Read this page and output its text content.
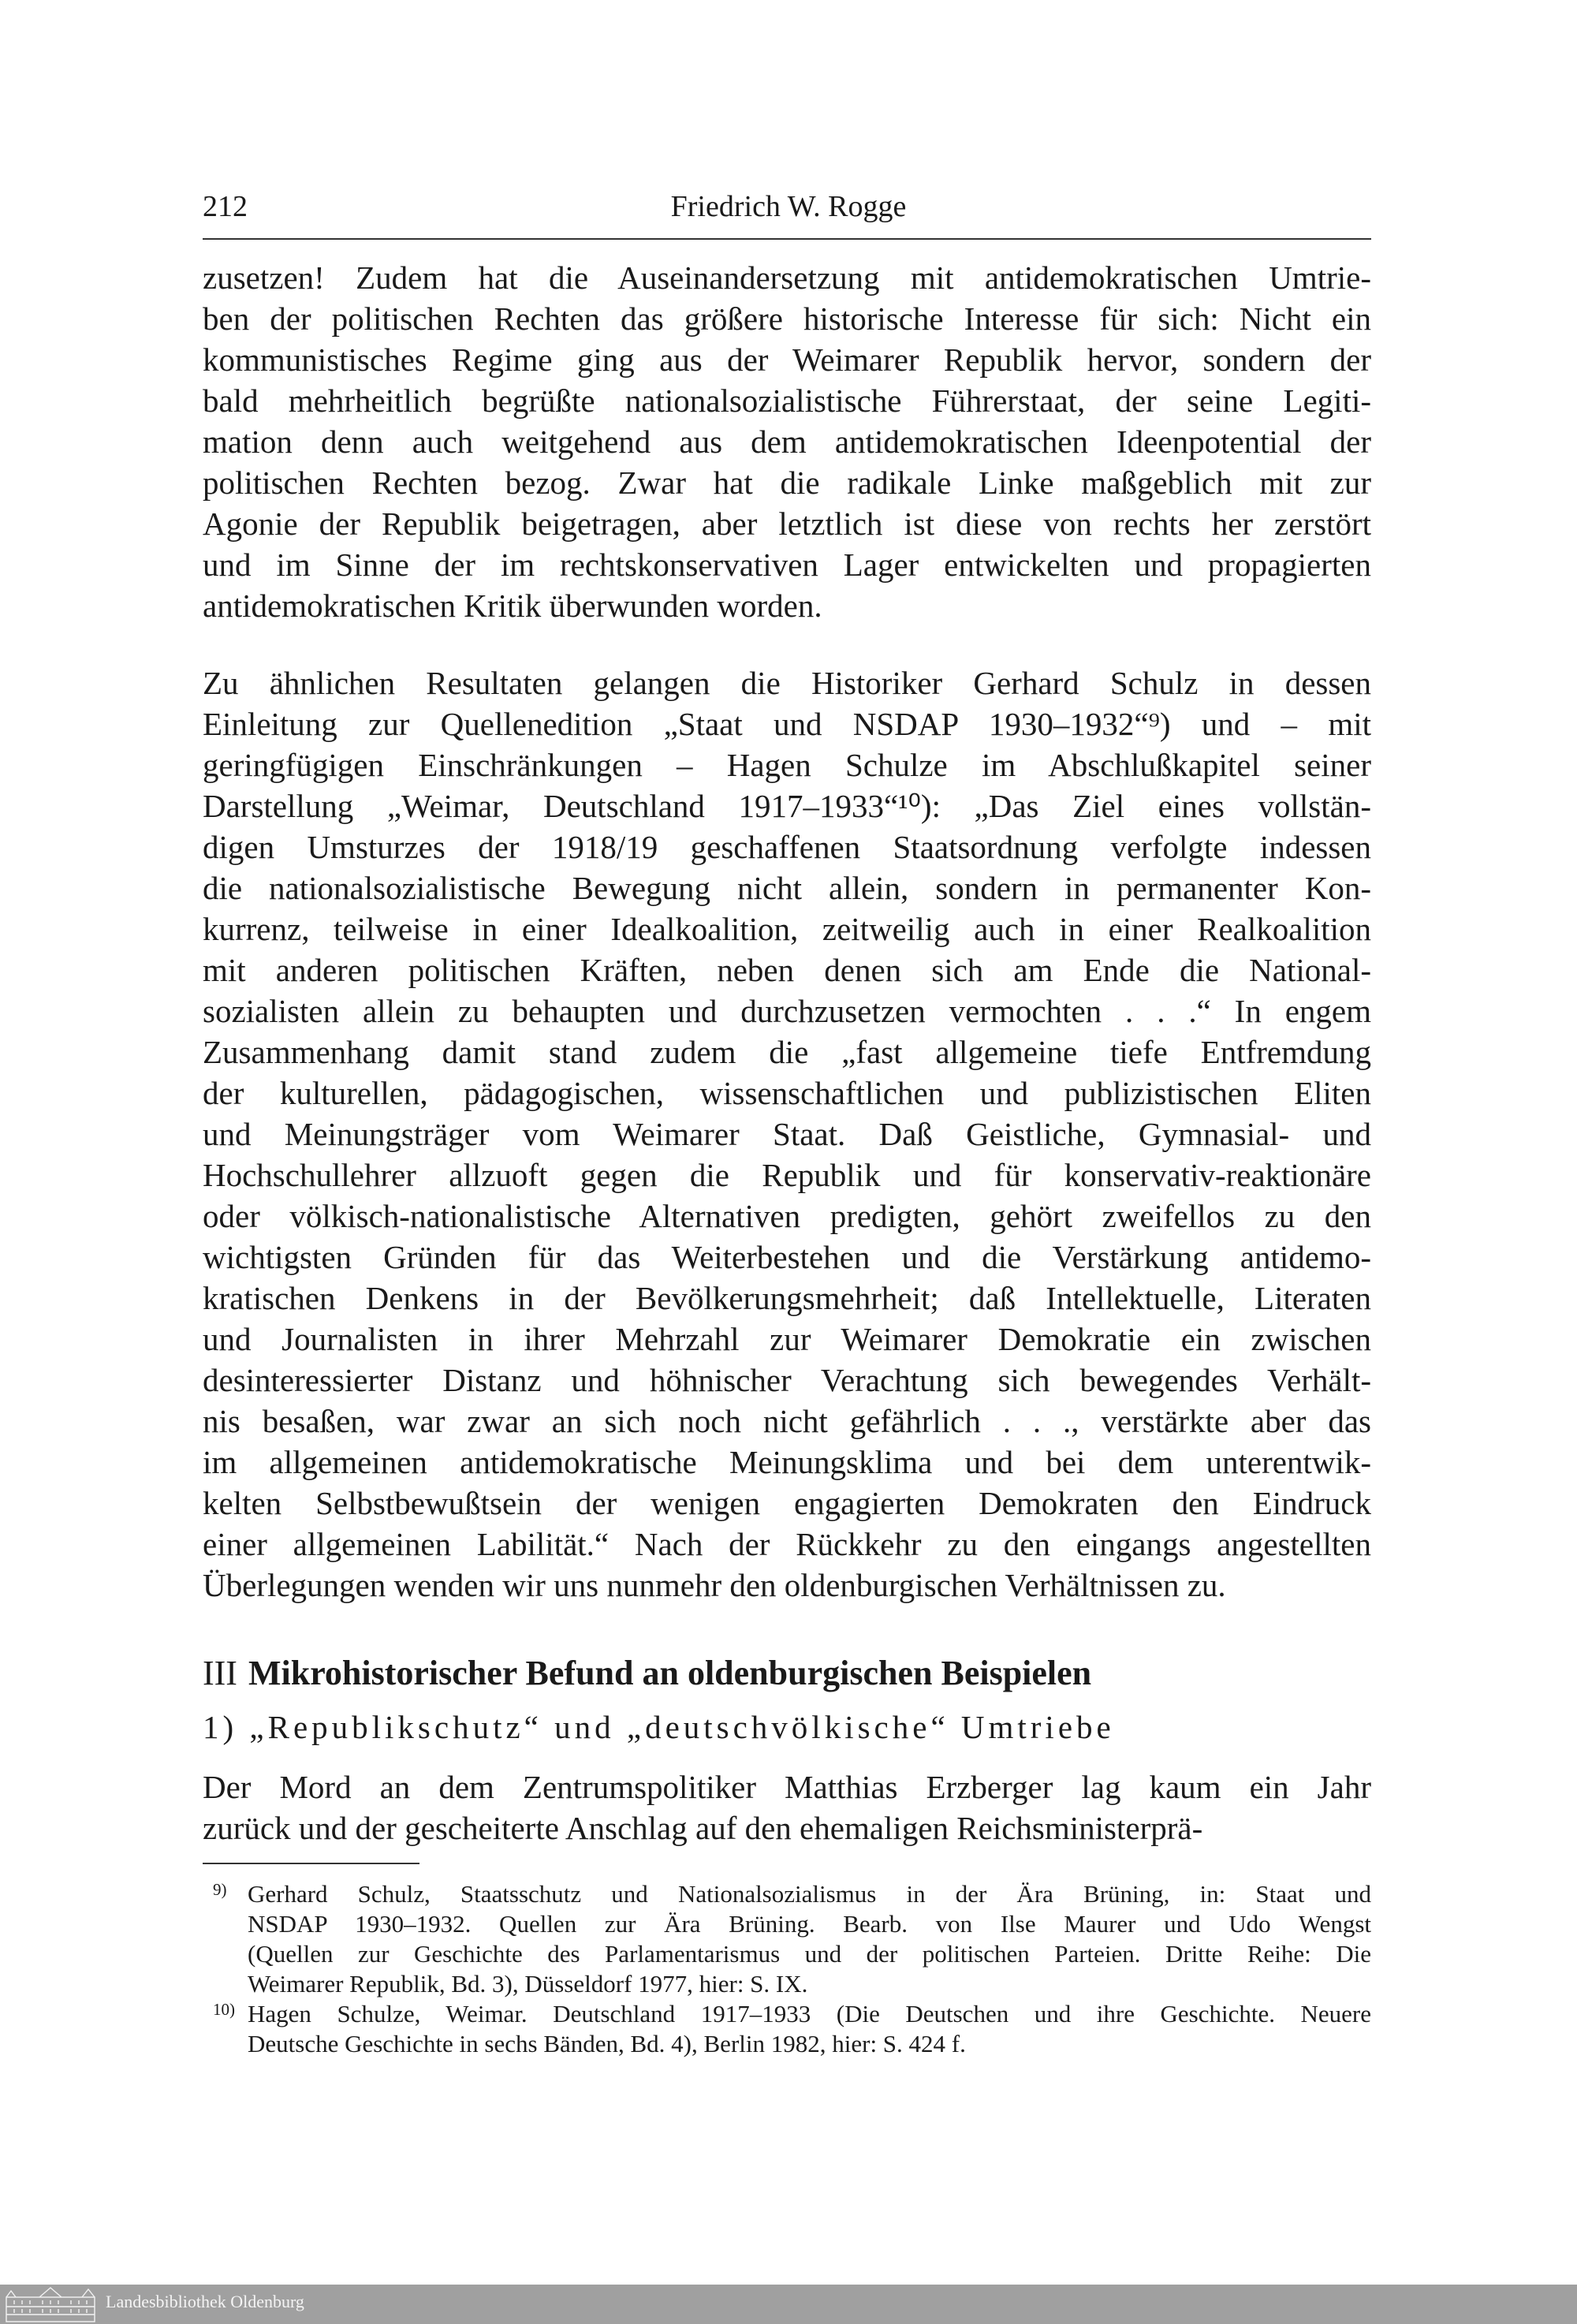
212	Friedrich W. Rogge
zusetzen! Zudem hat die Auseinandersetzung mit antidemokratischen Umtrie-
ben der politischen Rechten das größere historische Interesse für sich: Nicht ein
kommunistisches Regime ging aus der Weimarer Republik hervor, sondern der
bald mehrheitlich begrüßte nationalsozialistische Führerstaat, der seine Legiti-
mation denn auch weitgehend aus dem antidemokratischen Ideenpotential der
politischen Rechten bezog. Zwar hat die radikale Linke maßgeblich mit zur
Agonie der Republik beigetragen, aber letztlich ist diese von rechts her zerstört
und im Sinne der im rechtskonservativen Lager entwickelten und propagierten
antidemokratischen Kritik überwunden worden.
Zu ähnlichen Resultaten gelangen die Historiker Gerhard Schulz in dessen
Einleitung zur Quellenedition „Staat und NSDAP 1930–1932“⁹) und – mit
geringfügigen Einschränkungen – Hagen Schulze im Abschlußkapitel seiner
Darstellung „Weimar, Deutschland 1917–1933“¹⁰): „Das Ziel eines vollstän-
digen Umsturzes der 1918/19 geschaffenen Staatsordnung verfolgte indessen
die nationalsozialistische Bewegung nicht allein, sondern in permanenter Kon-
kurrenz, teilweise in einer Idealkoalition, zeitweilig auch in einer Realkoalition
mit anderen politischen Kräften, neben denen sich am Ende die National-
sozialisten allein zu behaupten und durchzusetzen vermochten . . .“ In engem
Zusammenhang damit stand zudem die „fast allgemeine tiefe Entfremdung
der kulturellen, pädagogischen, wissenschaftlichen und publizistischen Eliten
und Meinungsträger vom Weimarer Staat. Daß Geistliche, Gymnasial- und
Hochschullehrer allzuoft gegen die Republik und für konservativ-reaktionäre
oder völkisch-nationalistische Alternativen predigten, gehört zweifellos zu den
wichtigsten Gründen für das Weiterbestehen und die Verstärkung antidemo-
kratischen Denkens in der Bevölkerungsmehrheit; daß Intellektuelle, Literaten
und Journalisten in ihrer Mehrzahl zur Weimarer Demokratie ein zwischen
desinteressierter Distanz und höhnischer Verachtung sich bewegendes Verhält-
nis besaßen, war zwar an sich noch nicht gefährlich . . ., verstärkte aber das
im allgemeinen antidemokratische Meinungsklima und bei dem unterentwik-
kelten Selbstbewußtsein der wenigen engagierten Demokraten den Eindruck
einer allgemeinen Labilität.“ Nach der Rückkehr zu den eingangs angestellten
Überlegungen wenden wir uns nunmehr den oldenburgischen Verhältnissen zu.
III Mikrohistorischer Befund an oldenburgischen Beispielen
1) „Republikschutz“ und „deutschvölkische“ Umtriebe
Der Mord an dem Zentrumspolitiker Matthias Erzberger lag kaum ein Jahr
zurück und der gescheiterte Anschlag auf den ehemaligen Reichsministerprä-
9) Gerhard Schulz, Staatsschutz und Nationalsozialismus in der Ära Brüning, in: Staat und
NSDAP 1930–1932. Quellen zur Ära Brüning. Bearb. von Ilse Maurer und Udo Wengst
(Quellen zur Geschichte des Parlamentarismus und der politischen Parteien. Dritte Reihe: Die
Weimarer Republik, Bd. 3), Düsseldorf 1977, hier: S. IX.
10) Hagen Schulze, Weimar. Deutschland 1917–1933 (Die Deutschen und ihre Geschichte. Neuere
Deutsche Geschichte in sechs Bänden, Bd. 4), Berlin 1982, hier: S. 424 f.
Landesbibliothek Oldenburg
